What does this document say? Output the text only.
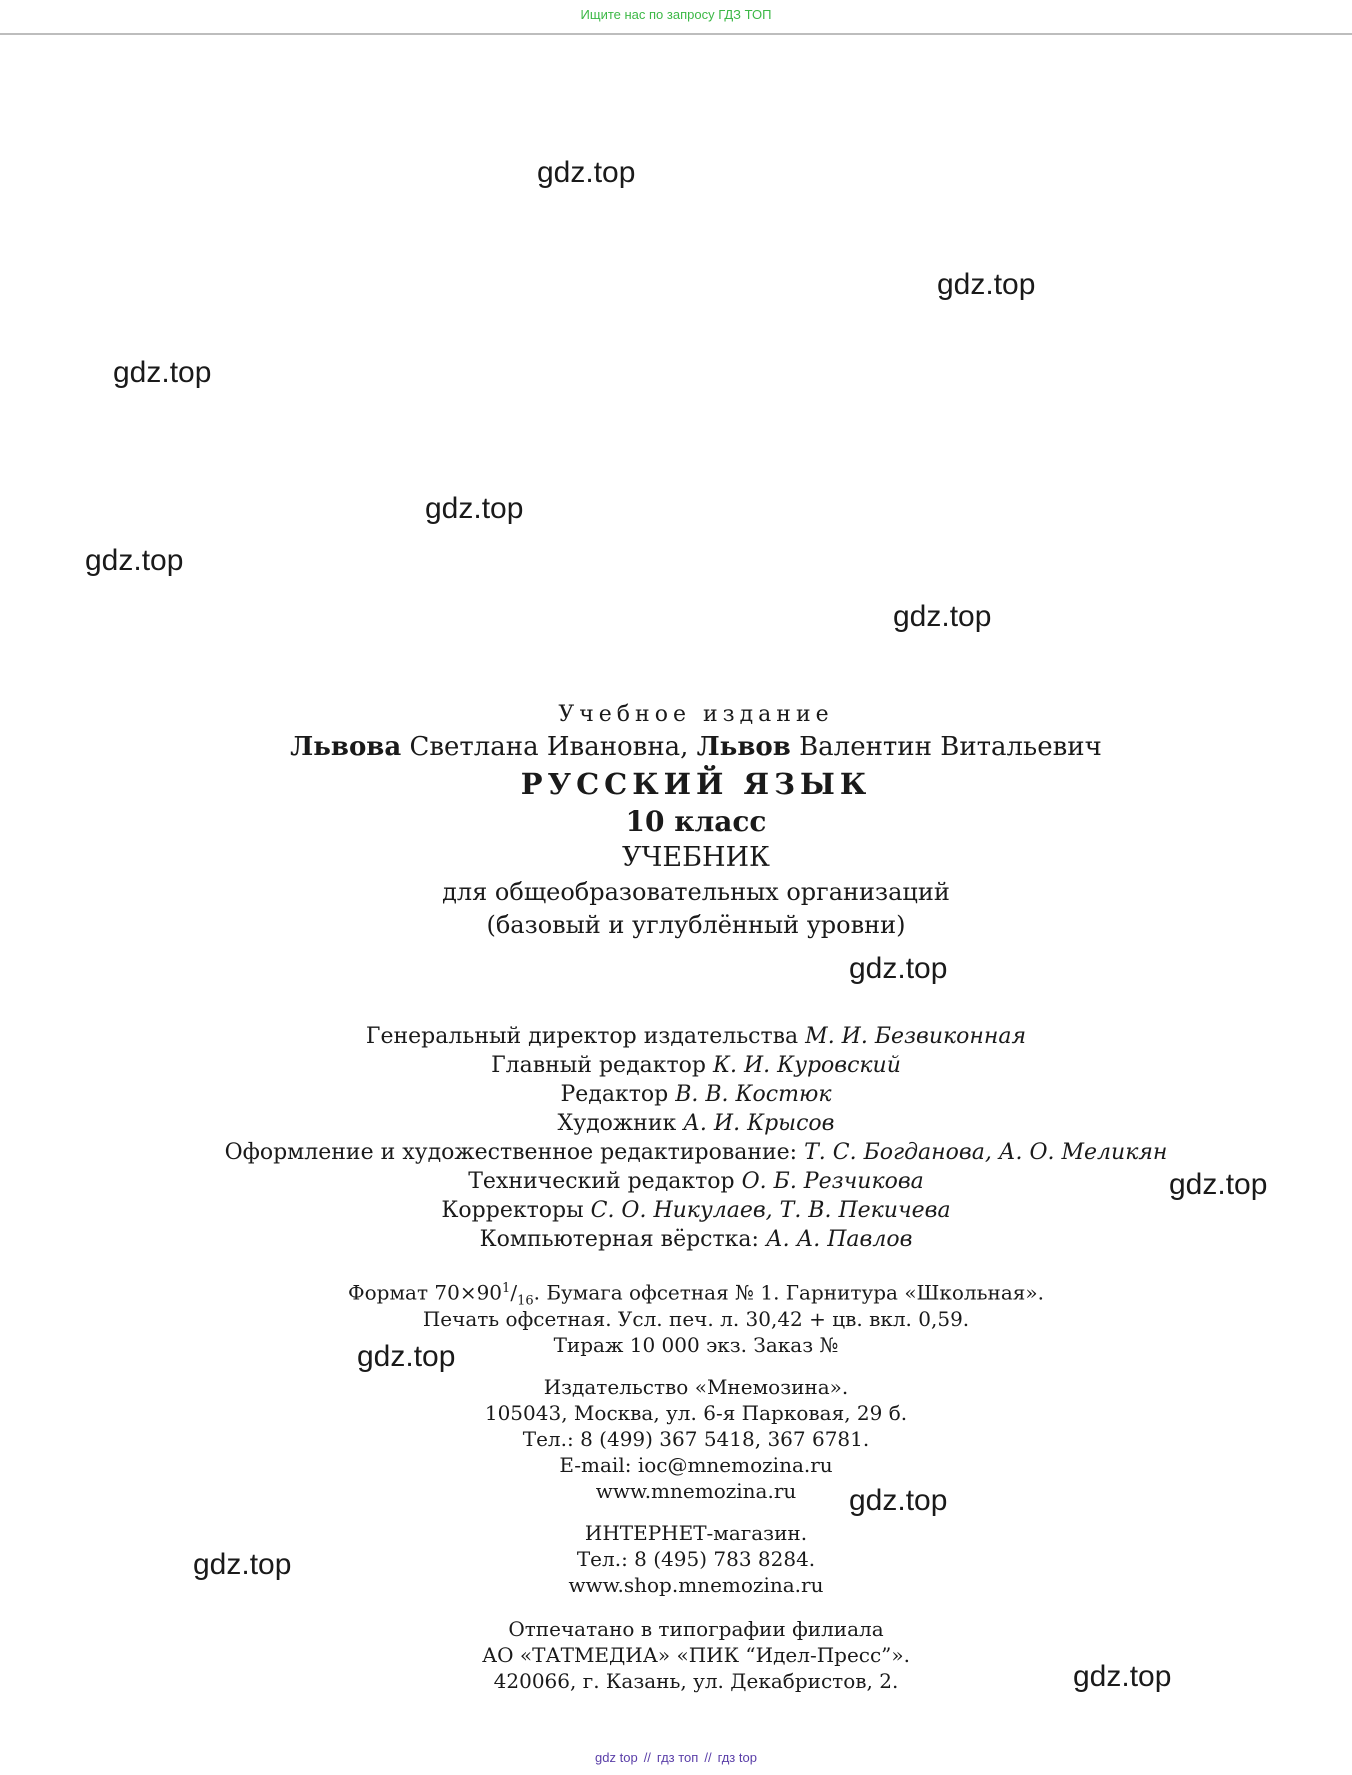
Ищите нас по запросу ГДЗ ТОП
gdz.top
gdz.top
gdz.top
gdz.top
gdz.top
gdz.top
gdz.top
gdz.top
gdz.top
gdz.top
gdz.top
gdz.top
Учебное издание
Львова Светлана Ивановна, Львов Валентин Витальевич
РУССКИЙ ЯЗЫК
10 класс
УЧЕБНИК
для общеобразовательных организаций
(базовый и углублённый уровни)
Генеральный директор издательства М. И. Безвиконная
Главный редактор К. И. Куровский
Редактор В. В. Костюк
Художник А. И. Крысов
Оформление и художественное редактирование: Т. С. Богданова, А. О. Меликян
Технический редактор О. Б. Резчикова
Корректоры С. О. Никулаев, Т. В. Пекичева
Компьютерная вёрстка: А. А. Павлов
Формат $70\times 90^1/_{16}$. Бумага офсетная № 1. Гарнитура «Школьная».
Печать офсетная. Усл. печ. л. 30,42 + цв. вкл. 0,59.
Тираж 10 000 экз. Заказ №
Издательство «Мнемозина».
105043, Москва, ул. 6-я Парковая, 29 б.
Тел.: 8 (499) 367 5418, 367 6781.
E-mail: ioc@mnemozina.ru
www.mnemozina.ru
ИНТЕРНЕТ-магазин.
Тел.: 8 (495) 783 8284.
www.shop.mnemozina.ru
Отпечатано в типографии филиала
АО «ТАТМЕДИА» «ПИК “Идел-Пресс”».
420066, г. Казань, ул. Декабристов, 2.
gdz top // гдз топ // гдз top
